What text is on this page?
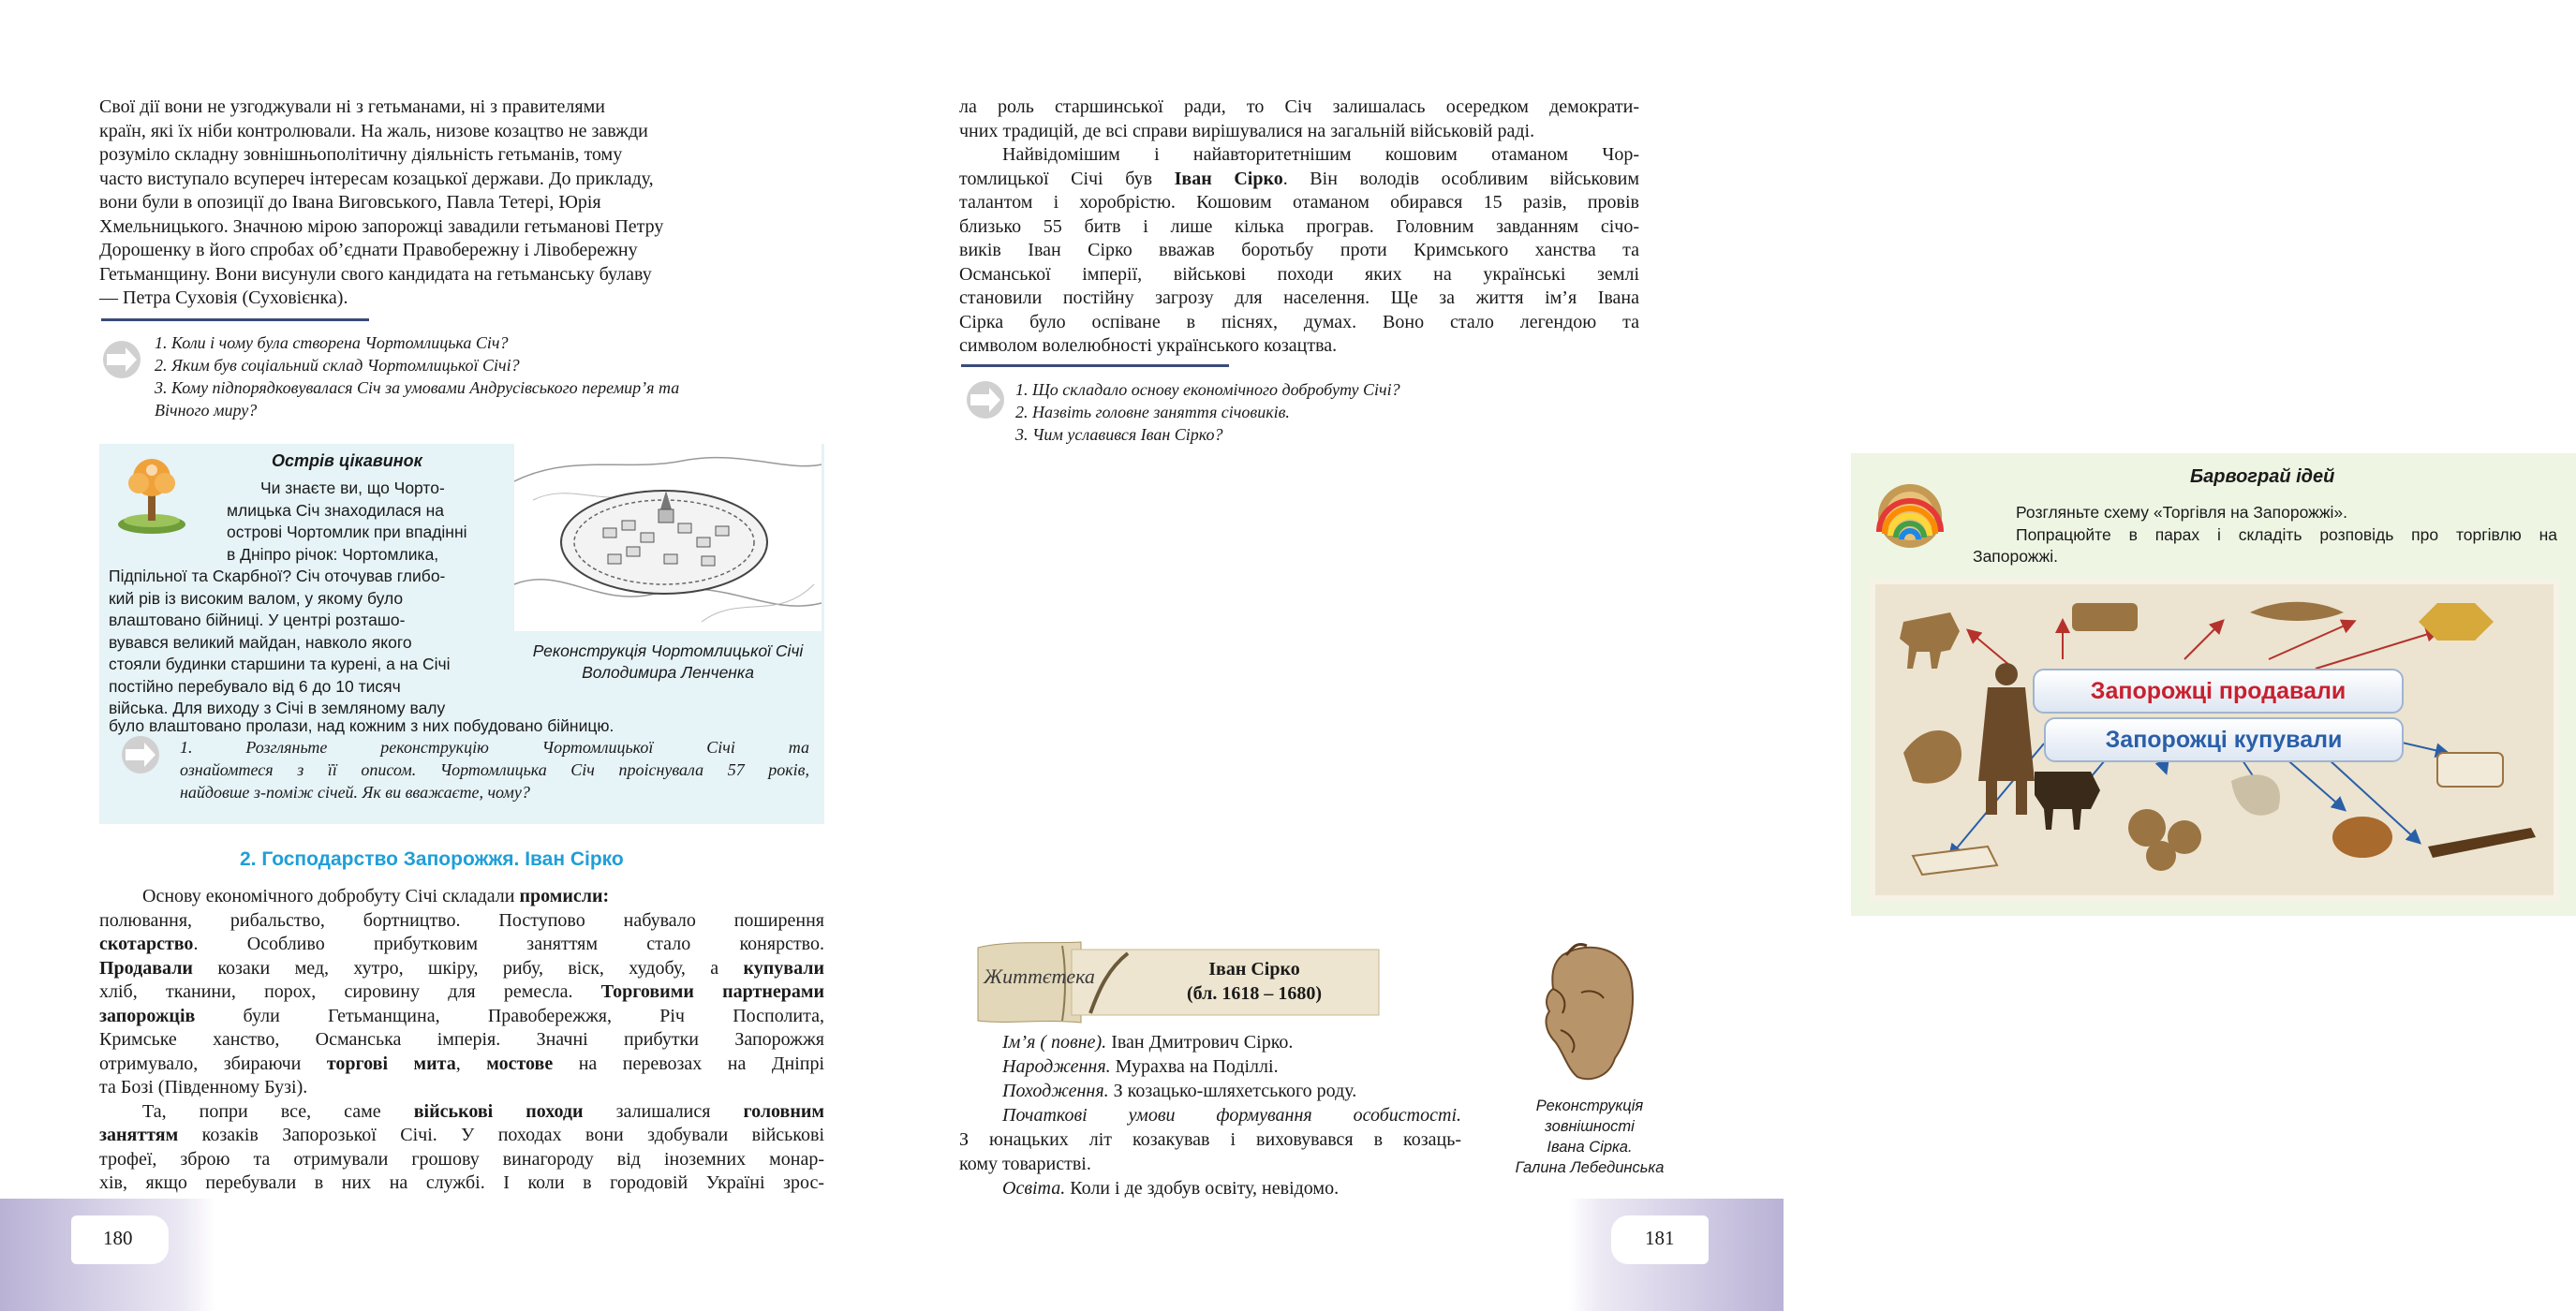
Свої дії вони не узгоджували ні з гетьманами, ні з правителями

країн, які їх ніби контролювали. На жаль, низове козацтво не завжди

розуміло складну зовнішньополітичну діяльність гетьманів, тому

часто виступало всупереч інтересам козацької держави. До прикладу,

вони були в опозиції до Івана Виговського, Павла Тетері, Юрія

Хмельницького. Значною мірою запорожці завадили гетьманові Петру

Дорошенку в його спробах об’єднати Правобережну і Лівобережну

Гетьманщину. Вони висунули свого кандидата на гетьманську булаву

— Петра Суховія (Суховієнка).

1. Коли і чому була створена Чортомлицька Січ?

2. Яким був соціальний склад Чортомлицької Січі?

3. Кому підпорядковувалася Січ за умовами Андрусівського перемир’я та

Вічного миру?

Острів цікавинок

Чи знаєте ви, що Чорто-

млицька Січ знаходилася на

острові Чортомлик при впадінні

в Дніпро річок: Чортомлика,

Підпільної та Скарбної? Січ оточував глибо-

кий рів із високим валом, у якому було

влаштовано бійниці. У центрі розташо-

вувався великий майдан, навколо якого

стояли будинки старшини та курені, а на Січі

постійно перебувало від 6 до 10 тисяч

війська. Для виходу з Січі в земляному валу

було влаштовано пролази, над кожним з них побудовано бійницю.

Реконструкція Чортомлицької Січі

Володимира Ленченка

1. Розгляньте реконструкцію Чортомлицької Січі та

ознайомтеся з її описом. Чортомлицька Січ проіснувала 57 років,

найдовше з-поміж січей. Як ви вважаєте, чому?

2. Господарство Запорожжя. Іван Сірко

Основу економічного добробуту Січі складали промисли:

полювання, рибальство, бортництво. Поступово набувало поширення

скотарство. Особливо прибутковим заняттям стало конярство.

Продавали козаки мед, хутро, шкіру, рибу, віск, худобу, а купували

хліб, тканини, порох, сировину для ремесла. Торговими партнерами

запорожців були Гетьманщина, Правобережжя, Річ Посполита,

Кримське ханство, Османська імперія. Значні прибутки Запорожжя

отримувало, збираючи торгові мита, мостове на перевозах на Дніпрі

та Бозі (Південному Бузі).

Та, попри все, саме військові походи залишалися головним

заняттям козаків Запорозької Січі. У походах вони здобували військові

трофеї, зброю та отримували грошову винагороду від іноземних монар-

хів, якщо перебували в них на службі. І коли в городовій Україні зрос-

180

ла роль старшинської ради, то Січ залишалась осередком демократи-

чних традицій, де всі справи вирішувалися на загальній військовій раді.

Найвідомішим і найавторитетнішим кошовим отаманом Чор-

томлицької Січі був Іван Сірко. Він володів особливим військовим

талантом і хоробрістю. Кошовим отаманом обирався 15 разів, провів

близько 55 битв і лише кілька програв. Головним завданням січо-

виків Іван Сірко вважав боротьбу проти Кримського ханства та

Османської імперії, військові походи яких на українські землі

становили постійну загрозу для населення. Ще за життя ім’я Івана

Сірка було оспіване в піснях, думах. Воно стало легендою та

символом волелюбності українського козацтва.

1. Що складало основу економічного добробуту Січі?

2. Назвіть головне заняття січовиків.

3. Чим уславився Іван Сірко?

Барвограй ідей

Розгляньте схему «Торгівля на Запорожжі».

Попрацюйте в парах і складіть розповідь про торгівлю на

Запорожжі.

Запорожці продавали
Запорожці купували
Життєтека	Іван Сірко
(бл. 1618 – 1680)

Ім’я ( повне). Іван Дмитрович Сірко.

Народження. Мурахва на Поділлі.

Походження. З козацько-шляхетського роду.

Початкові умови формування особистості.

З юнацьких літ козакував і виховувався в козаць-

кому товаристві.

Освіта. Коли і де здобув освіту, невідомо.

Реконструкція

зовнішності

Івана Сірка.

Галина Лебединська

181
